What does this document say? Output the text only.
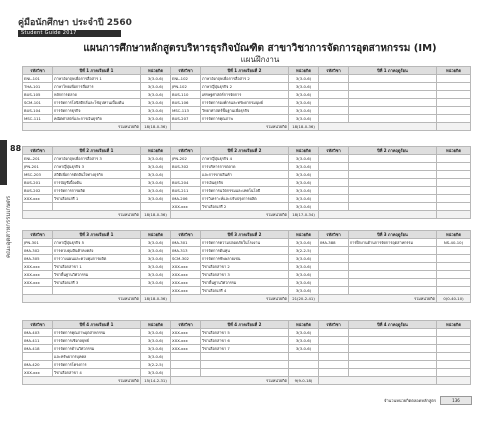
คู่มือนักศึกษา ประจำปี 2560
Student Guide 2017
แผนการศึกษาหลักสูตรบริหารธุรกิจบัณฑิต สาขาวิชาการจัดการอุตสาหกรรม (IM)
แผนฝึกงาน
88
คณะอุตสาหกรรมเกษตร
รหัสวิชา	ปีที่ 1 ภาคเรียนที่ 1	หน่วยกิต	รหัสวิชา	ปีที่ 1 ภาคเรียนที่ 2	หน่วยกิต	รหัสวิชา	ปีที่ 1 ภาคฤดูร้อน	หน่วยกิต
ENL-101	ภาษาอังกฤษเพื่อการสื่อสาร 1	3(3-0-6)	ENL-102	ภาษาอังกฤษเพื่อการสื่อสาร 2	3(3-0-6)			
THA-101	ภาษาไทยเพื่อการสื่อสาร	3(3-0-6)	JPN-102	ภาษาญี่ปุ่นธุรกิจ 2	3(3-0-6)			
BUS-105	หลักการตลาด	3(3-0-6)	BUS-110	เศรษฐศาสตร์การจัดการ	3(3-0-6)			
SCM-101	การจัดการโลจิสติกส์และโซ่อุปทานเบื้องต้น	3(3-0-6)	BUS-106	การจัดการองค์กรและทรัพยากรมนุษย์	3(3-0-6)			
BUS-104	การจัดการธุรกิจ	3(3-0-6)	MSC-113	วิทยาศาสตร์พื้นฐานเพื่อธุรกิจ	3(3-0-6)			
MSC-111	คณิตศาสตร์และการเงินธุรกิจ	3(3-0-6)	BUS-207	การจัดการคุณภาพ	3(3-0-6)			
รวมหน่วยกิต		18(18-0-36)	รวมหน่วยกิต		18(18-0-36)			
รหัสวิชา	ปีที่ 2 ภาคเรียนที่ 1	หน่วยกิต	รหัสวิชา	ปีที่ 2 ภาคเรียนที่ 2	หน่วยกิต	รหัสวิชา	ปีที่ 2 ภาคฤดูร้อน	หน่วยกิต
ENL-201	ภาษาอังกฤษเพื่อการสื่อสาร 3	3(3-0-6)	JPN-202	ภาษาญี่ปุ่นธุรกิจ 4	3(3-0-6)			
JPN-201	ภาษาญี่ปุ่นธุรกิจ 3	3(3-0-6)	BUS-302	การบริหารการตลาด	3(3-0-6)			
MSC-203	สถิติเพื่อการตัดสินใจทางธุรกิจ	3(3-0-6)		และการขายสินค้า	3(3-0-6)			
BUS-201	การบัญชีเบื้องต้น	3(3-0-6)	BUS-204	การเงินธุรกิจ	3(3-0-6)			
BUS-202	การจัดการการผลิต	3(3-0-6)	BUS-211	การจัดการนวัตกรรมและเทคโนโลยี	3(3-0-6)			
XXX-xxx	วิชาเลือกเสรี 1	3(3-0-6)	IMA-206	การวิเคราะห์และปรับปรุงการผลิต	3(3-0-6)			
			XXX-xxx	วิชาเลือกเสรี 2	3(3-0-6)			
รวมหน่วยกิต		18(18-0-36)	รวมหน่วยกิต		18(17-0-34)			
รหัสวิชา	ปีที่ 3 ภาคเรียนที่ 1	หน่วยกิต	รหัสวิชา	ปีที่ 3 ภาคเรียนที่ 2	หน่วยกิต	รหัสวิชา	ปีที่ 3 ภาคฤดูร้อน	หน่วยกิต
JPN-301	ภาษาญี่ปุ่นธุรกิจ 5	3(3-0-6)	IMA-301	การจัดการความปลอดภัยในโรงงาน	3(3-0-6)	IMA-388	การฝึกงานด้านการจัดการอุตสาหกรรม	NS-40-10)
IMA-302	การควบคุมสินค้าคงคลัง	3(3-0-6)	IMA-313	การจัดการต้นทุน	3(2-2-5)			
IMA-305	การวางแผนและควบคุมการผลิต	3(3-0-6)	SCM-302	การจัดการซัพพลายเชน	3(3-0-6)			
XXX-xxx	วิชาเลือกสาขา 1	3(3-0-6)	XXX-xxx	วิชาเลือกสาขา 2	3(3-0-6)			
XXX-xxx	วิชาพื้นฐานวิศวกรรม	3(3-0-6)	XXX-xxx	วิชาเลือกสาขา 3	3(3-0-6)			
XXX-xxx	วิชาเลือกเสรี 3	3(3-0-6)	XXX-xxx	วิชาพื้นฐานวิศวกรรม	3(3-0-6)			
			XXX-xxx	วิชาเลือกเสรี 4	3(3-0-6)			
รวมหน่วยกิต		18(18-0-36)	รวมหน่วยกิต		21(20-2-41)	รวมหน่วยกิต		0(0-40-10)
รหัสวิชา	ปีที่ 4 ภาคเรียนที่ 1	หน่วยกิต	รหัสวิชา	ปีที่ 4 ภาคเรียนที่ 2	หน่วยกิต	รหัสวิชา	ปีที่ 4 ภาคฤดูร้อน	หน่วยกิต
IMA-403	การจัดการคุณภาพอุตสาหกรรม	3(3-0-6)	XXX-xxx	วิชาเลือกสาขา 5	3(3-0-6)			
IMA-411	การจัดการเชิงกลยุทธ์	3(3-0-6)	XXX-xxx	วิชาเลือกสาขา 6	3(3-0-6)			
IMA-418	การจัดการด้านวิศวกรรม	3(3-0-6)	XXX-xxx	วิชาเลือกสาขา 7	3(3-0-6)			
	และทรัพยากรบุคคล	3(3-0-6)						
IMA-420	การจัดการโครงการ	3(2-2-5)						
XXX-xxx	วิชาเลือกสาขา 4	3(3-0-6)						
รวมหน่วยกิต		15(14-2-31)	รวมหน่วยกิต		9(9-0-18)			
จำนวนหน่วยกิตตลอดหลักสูตร	136
